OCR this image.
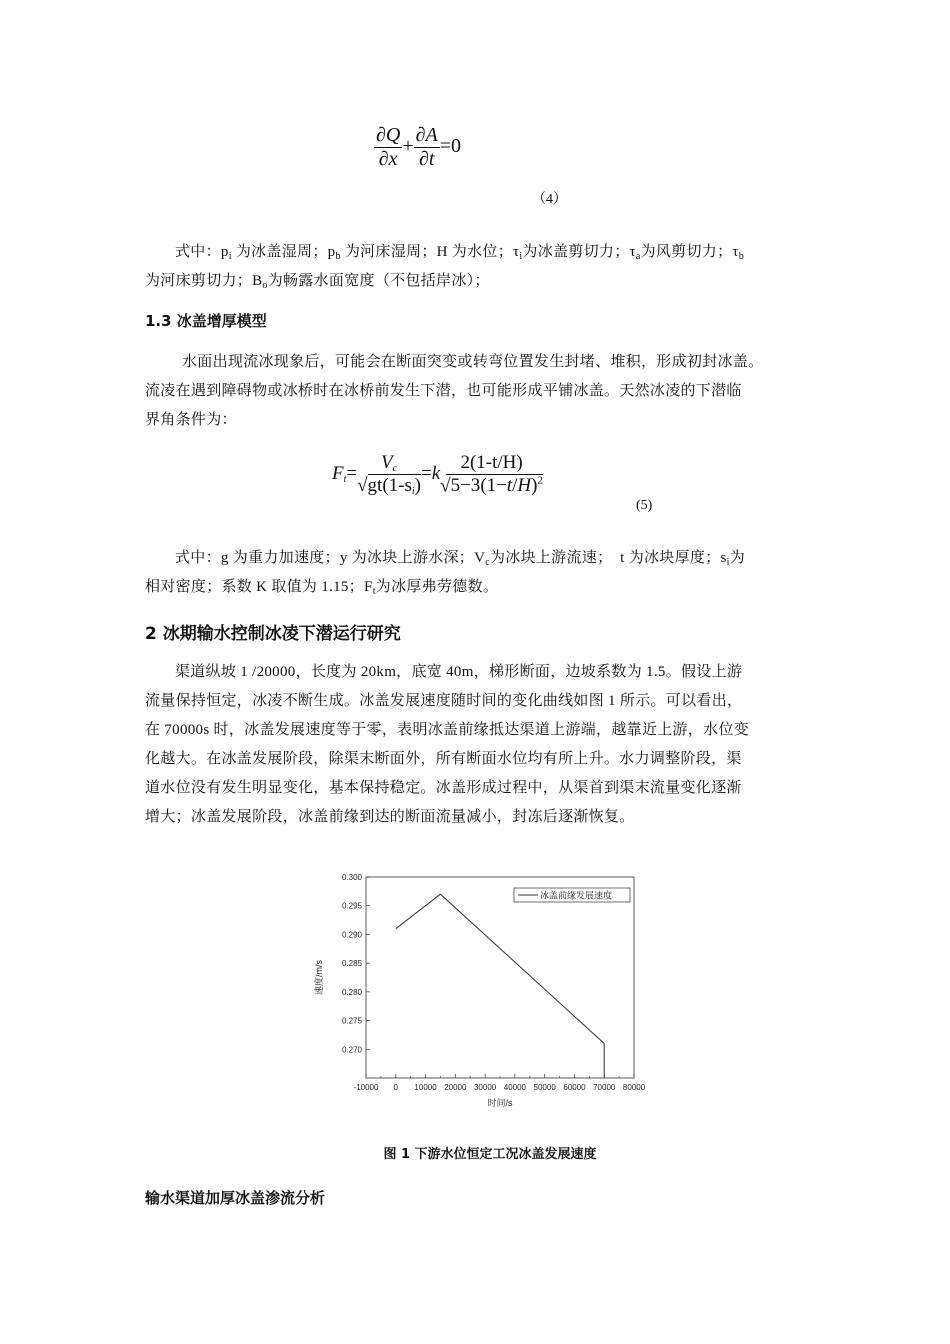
$\frac{\partial Q}{\partial x} + \frac{\partial A}{\partial t} =0$
（4）
式中：$p_i$ 为冰盖湿周；$p_b$ 为河床湿周；H 为水位；$\tau_i$为冰盖剪切力；$\tau_a$为风剪切力；$\tau_b$
为河床剪切力；$B_o$为畅露水面宽度（不包括岸冰）；
1.3 冰盖增厚模型
水面出现流冰现象后，可能会在断面突变或转弯位置发生封堵、堆积，形成初封冰盖。
流凌在遇到障碍物或冰桥时在冰桥前发生下潜，也可能形成平铺冰盖。天然冰凌的下潜临
界角条件为：
$F_t= \frac{V_c}{√gt(1-s_i)} =k \frac{2(1-t/H)}{√5-3(1-t/H)^2}$
(5)
式中：g 为重力加速度；y 为冰块上游水深；$V_c$为冰块上游流速；　t 为冰块厚度；$s_i$为
相对密度；系数 K 取值为 1.15；$F_t$为冰厚弗劳德数。
2 冰期输水控制冰凌下潜运行研究
渠道纵坡 1 /20000，长度为 20km，底宽 40m，梯形断面，边坡系数为 1.5。假设上游
流量保持恒定，冰凌不断生成。冰盖发展速度随时间的变化曲线如图 1 所示。可以看出，
在 70000s 时，冰盖发展速度等于零，表明冰盖前缘抵达渠道上游端，越靠近上游，水位变
化越大。在冰盖发展阶段，除渠末断面外，所有断面水位均有所上升。水力调整阶段，渠
道水位没有发生明显变化，基本保持稳定。冰盖形成过程中，从渠首到渠末流量变化逐渐
增大；冰盖发展阶段，冰盖前缘到达的断面流量减小，封冻后逐渐恢复。
-10000 0 10000 20000 30000 40000 50000 60000 70000 80000
0.270
0.275
0.280
0.285
0.290
0.295
0.300
时间/s
速度/m/s
冰盖前缘发展速度
图 1 下游水位恒定工况冰盖发展速度
输水渠道加厚冰盖渗流分析
